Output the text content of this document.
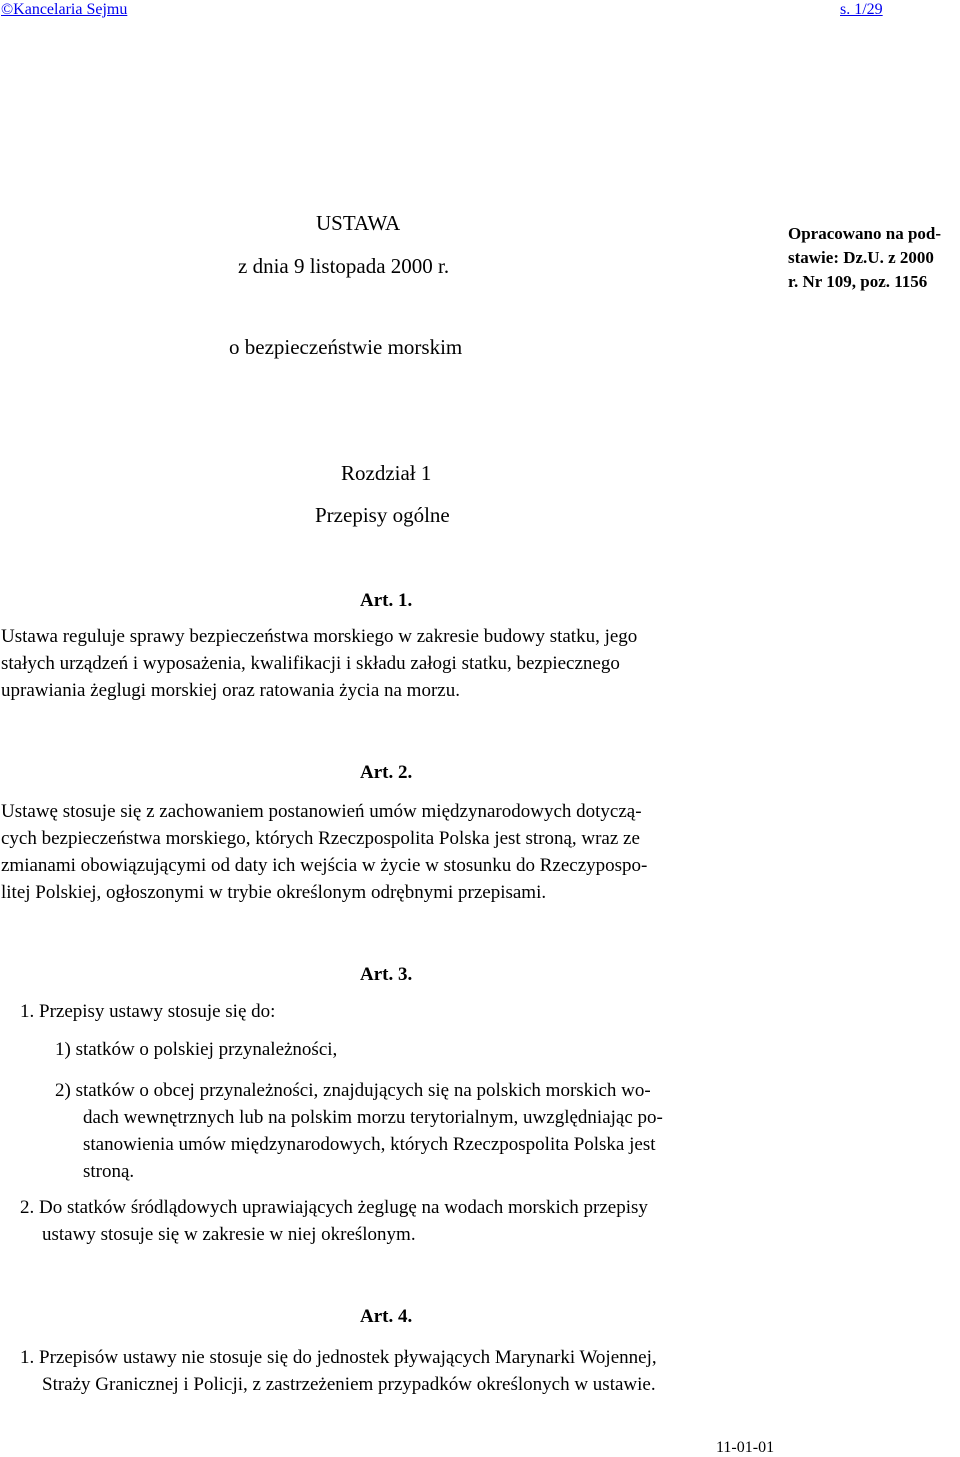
©Kancelaria Sejmu	s. 1/29
USTAWA
z dnia 9 listopada 2000 r.
Opracowano na pod-
stawie: Dz.U. z 2000
r. Nr 109, poz. 1156
o bezpieczeństwie morskim
Rozdział 1
Przepisy ogólne
Art. 1.
Ustawa reguluje sprawy bezpieczeństwa morskiego w zakresie budowy statku, jego
stałych urządzeń i wyposażenia, kwalifikacji i składu załogi statku, bezpiecznego
uprawiania żeglugi morskiej oraz ratowania życia na morzu.
Art. 2.
Ustawę stosuje się z zachowaniem postanowień umów międzynarodowych dotyczą-
cych bezpieczeństwa morskiego, których Rzeczpospolita Polska jest stroną, wraz ze
zmianami obowiązującymi od daty ich wejścia w życie w stosunku do Rzeczypospo-
litej Polskiej, ogłoszonymi w trybie określonym odrębnymi przepisami.
Art. 3.
1. Przepisy ustawy stosuje się do:
1) statków o polskiej przynależności,
2) statków o obcej przynależności, znajdujących się na polskich morskich wo-
dach wewnętrznych lub na polskim morzu terytorialnym, uwzględniając po-
stanowienia umów międzynarodowych, których Rzeczpospolita Polska jest
stroną.
2. Do statków śródlądowych uprawiających żeglugę na wodach morskich przepisy
ustawy stosuje się w zakresie w niej określonym.
Art. 4.
1. Przepisów ustawy nie stosuje się do jednostek pływających Marynarki Wojennej,
Straży Granicznej i Policji, z zastrzeżeniem przypadków określonych w ustawie.
11-01-01
